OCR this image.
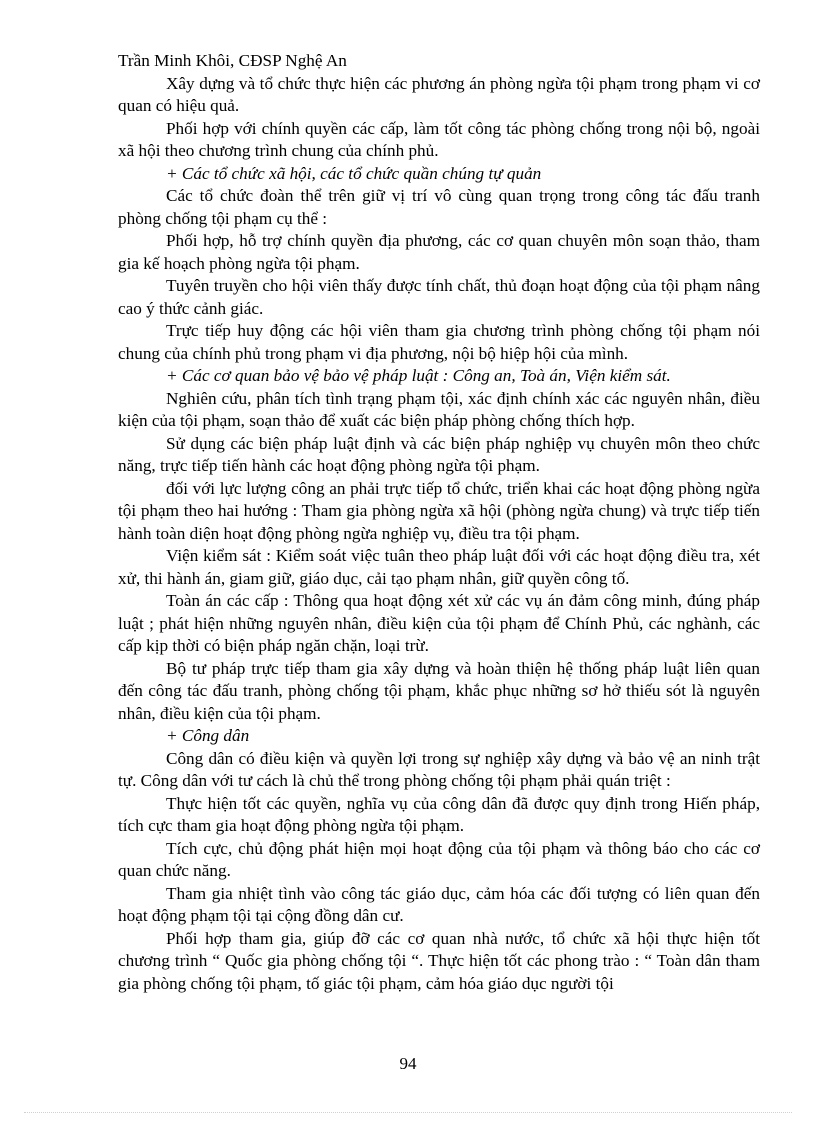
Trần Minh Khôi, CĐSP Nghệ An

Xây dựng và tổ chức thực hiện các phương án phòng ngừa tội phạm trong phạm vi cơ quan có hiệu quả.

Phối hợp với chính quyền các cấp, làm tốt công tác phòng chống trong nội bộ, ngoài xã hội theo chương trình chung của chính phủ.

+ Các tổ chức xã hội, các tổ chức quần chúng tự quản

Các tổ chức đoàn thể trên giữ vị trí vô cùng quan trọng trong công tác đấu tranh phòng chống tội phạm cụ thể :

Phối hợp, hỗ trợ chính quyền địa phương, các cơ quan chuyên môn soạn thảo, tham gia kế hoạch phòng ngừa tội phạm.

Tuyên truyền cho hội viên thấy được tính chất, thủ đoạn hoạt động của tội phạm nâng cao ý thức cảnh giác.

Trực tiếp huy động các hội viên tham gia chương trình phòng chống tội phạm nói chung của chính phủ trong phạm vi địa phương, nội bộ hiệp hội của mình.

+ Các cơ quan bảo vệ bảo vệ pháp luật : Công an, Toà án, Viện kiểm sát.

Nghiên cứu, phân tích tình trạng phạm tội, xác định chính xác các nguyên nhân, điều kiện của tội phạm, soạn thảo để xuất các biện pháp phòng chống thích hợp.

Sử dụng các biện pháp luật định và các biện pháp nghiệp vụ chuyên môn theo chức năng, trực tiếp tiến hành các hoạt động phòng ngừa tội phạm.

đối với lực lượng công an phải trực tiếp tổ chức, triển khai các hoạt động phòng ngừa tội phạm theo hai hướng : Tham gia phòng ngừa xã hội (phòng ngừa chung) và trực tiếp tiến hành toàn diện hoạt động phòng ngừa nghiệp vụ, điều tra tội phạm.

Viện kiểm sát : Kiểm soát việc tuân theo pháp luật đối với các hoạt động điều tra, xét xử, thi hành án, giam giữ, giáo dục, cải tạo phạm nhân, giữ quyền công tố.

Toàn án các cấp : Thông qua hoạt động xét xử các vụ án đảm công minh, đúng pháp luật ; phát hiện những nguyên nhân, điều kiện của tội phạm để Chính Phủ, các nghành, các cấp kịp thời có biện pháp ngăn chặn, loại trừ.

Bộ tư pháp trực tiếp tham gia xây dựng và hoàn thiện hệ thống pháp luật liên quan đến công tác đấu tranh, phòng chống tội phạm, khắc phục những sơ hở thiếu sót là nguyên nhân, điều kiện của tội phạm.

+ Công dân

Công dân có điều kiện và quyền lợi trong sự nghiệp xây dựng và bảo vệ an ninh trật tự. Công dân với tư cách là chủ thể trong phòng chống tội phạm phải quán triệt :

Thực hiện tốt các quyền, nghĩa vụ của công dân đã được quy định trong Hiến pháp, tích cực tham gia hoạt động phòng ngừa tội phạm.

Tích cực, chủ động phát hiện mọi hoạt động của tội phạm và thông báo cho các cơ quan chức năng.

Tham gia nhiệt tình vào công tác giáo dục, cảm hóa các đối tượng có liên quan đến hoạt động phạm tội tại cộng đồng dân cư.

Phối hợp tham gia, giúp đỡ các cơ quan nhà nước, tổ chức xã hội thực hiện tốt chương trình “ Quốc gia phòng chống tội “. Thực hiện tốt các phong trào : “ Toàn dân tham gia phòng chống tội phạm, tố giác tội phạm, cảm hóa giáo dục người tội

94
